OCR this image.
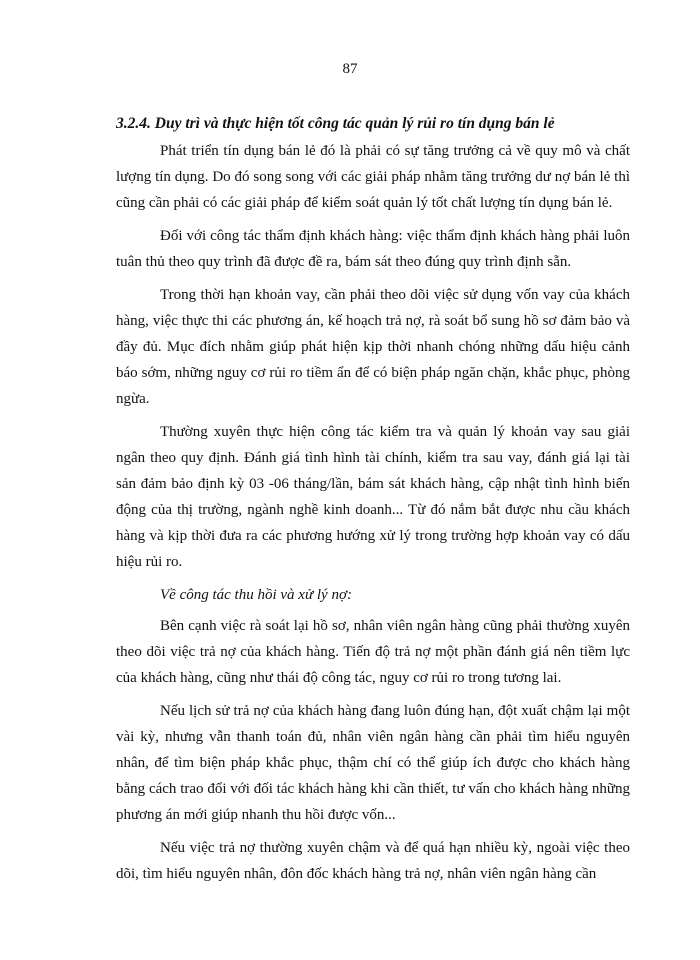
87
3.2.4. Duy trì và thực hiện tốt công tác quản lý rủi ro tín dụng bán lẻ

Phát triển tín dụng bán lẻ đó là phải có sự tăng trưởng cả về quy mô và chất lượng tín dụng. Do đó song song với các giải pháp nhằm tăng trưởng dư nợ bán lẻ thì cũng cần phải có các giải pháp để kiểm soát quản lý tốt chất lượng tín dụng bán lẻ.

Đối với công tác thẩm định khách hàng: việc thẩm định khách hàng phải luôn tuân thủ theo quy trình đã được đề ra, bám sát theo đúng quy trình định sẵn.

Trong thời hạn khoản vay, cần phải theo dõi việc sử dụng vốn vay của khách hàng, việc thực thi các phương án, kế hoạch trả nợ, rà soát bổ sung hồ sơ đảm bảo và đầy đủ. Mục đích nhằm giúp phát hiện kịp thời nhanh chóng những dấu hiệu cảnh báo sớm, những nguy cơ rủi ro tiềm ẩn để có biện pháp ngăn chặn, khắc phục, phòng ngừa.

Thường xuyên thực hiện công tác kiểm tra và quản lý khoản vay sau giải ngân theo quy định. Đánh giá tình hình tài chính, kiểm tra sau vay, đánh giá lại tài sản đảm bảo định kỳ 03 -06 tháng/lần, bám sát khách hàng, cập nhật tình hình biến động của thị trường, ngành nghề kinh doanh... Từ đó nắm bắt được nhu cầu khách hàng và kịp thời đưa ra các phương hướng xử lý trong trường hợp khoản vay có dấu hiệu rủi ro.

Về công tác thu hồi và xử lý nợ:

Bên cạnh việc rà soát lại hồ sơ, nhân viên ngân hàng cũng phải thường xuyên theo dõi việc trả nợ của khách hàng. Tiến độ trả nợ một phần đánh giá nên tiềm lực của khách hàng, cũng như thái độ công tác, nguy cơ rủi ro trong tương lai.

Nếu lịch sử trả nợ của khách hàng đang luôn đúng hạn, đột xuất chậm lại một vài kỳ, nhưng vẫn thanh toán đủ, nhân viên ngân hàng cần phải tìm hiểu nguyên nhân, để tìm biện pháp khắc phục, thậm chí có thể giúp ích được cho khách hàng bằng cách trao đổi với đối tác khách hàng khi cần thiết, tư vấn cho khách hàng những phương án mới giúp nhanh thu hồi được vốn...

Nếu việc trả nợ thường xuyên chậm và để quá hạn nhiều kỳ, ngoài việc theo dõi, tìm hiểu nguyên nhân, đôn đốc khách hàng trả nợ, nhân viên ngân hàng cần
